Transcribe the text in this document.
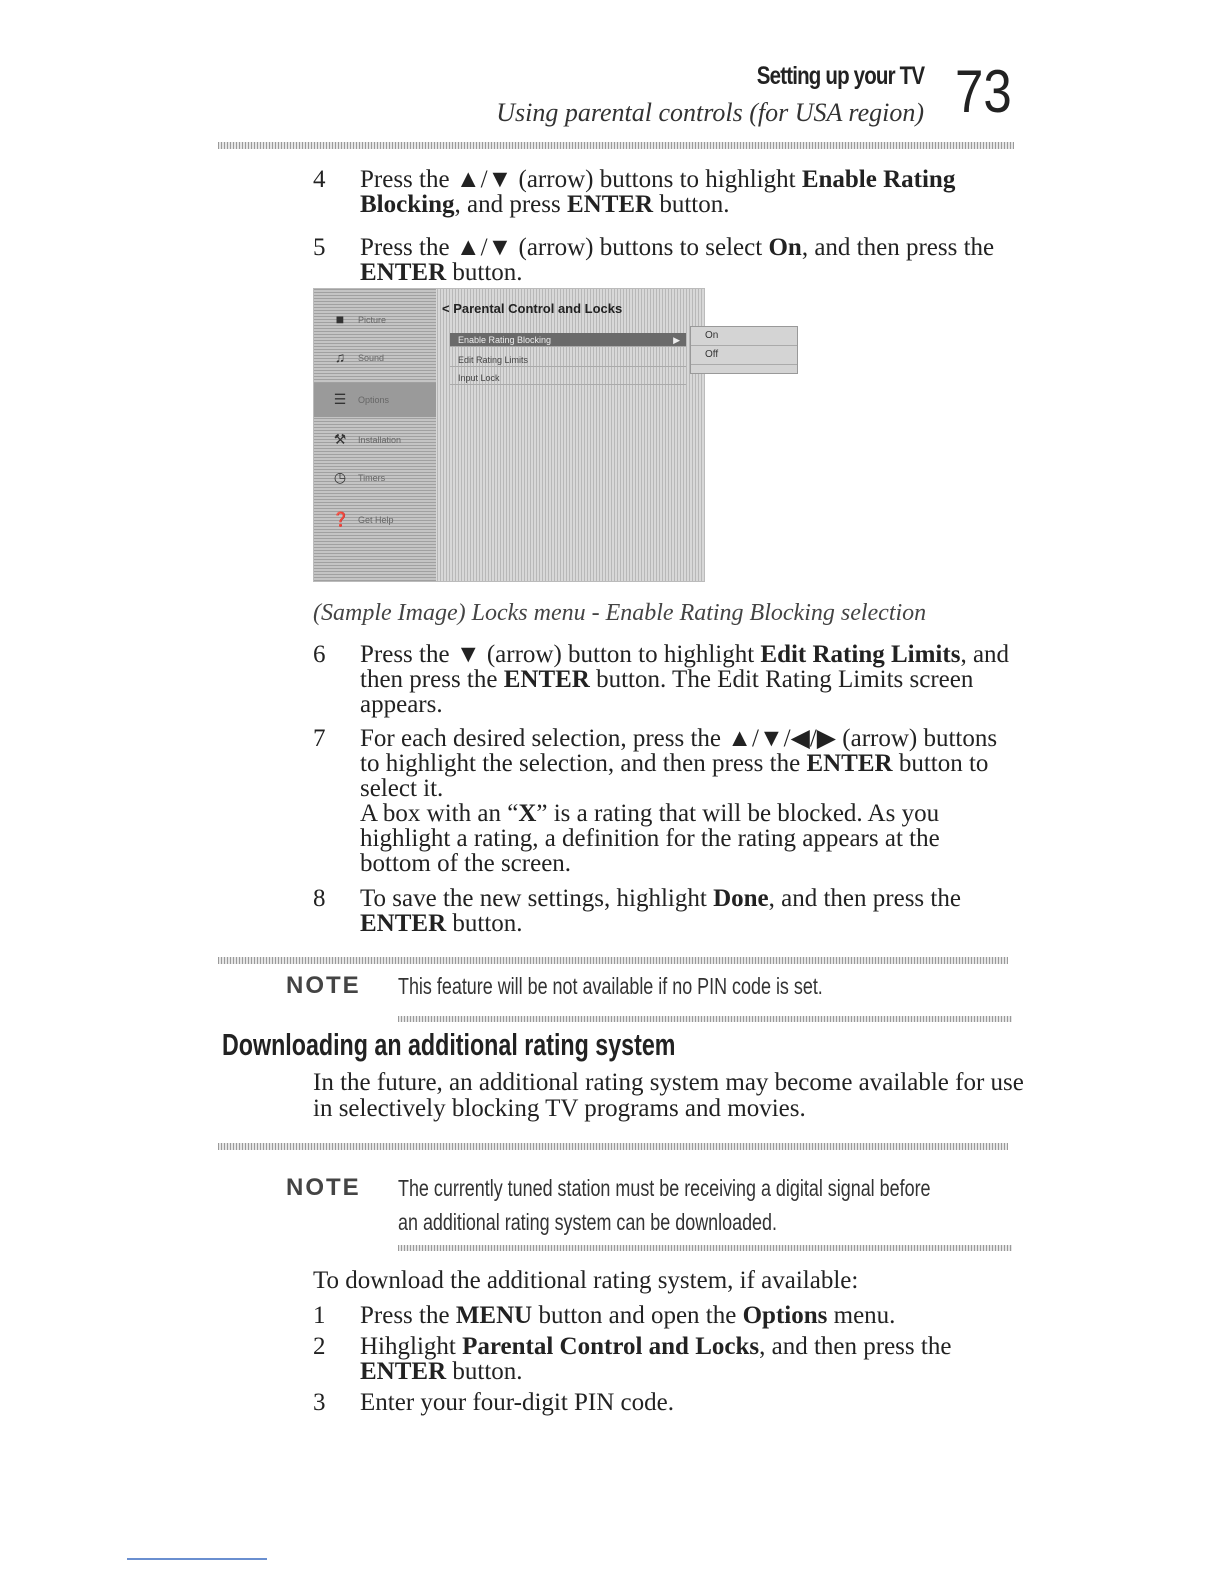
Setting up your TV
Using parental controls (for USA region) 73
4 Press the ▲/▼ (arrow) buttons to highlight Enable Rating Blocking, and press ENTER button.
5 Press the ▲/▼ (arrow) buttons to select On, and then press the ENTER button.
■	Picture
♫	Sound
☰ Options
⚒ Installation
◷ Timers
❓ Get Help
< Parental Control and Locks
Enable Rating Blocking	▶
Edit Rating Limits
Input Lock
On
Off
(Sample Image) Locks menu - Enable Rating Blocking selection
6 Press the ▼ (arrow) button to highlight Edit Rating Limits, and then press the ENTER button. The Edit Rating Limits screen appears.
7 For each desired selection, press the ▲/▼/◀/▶ (arrow) buttons to highlight the selection, and then press the ENTER button to select it.
A box with an “X” is a rating that will be blocked. As you highlight a rating, a definition for the rating appears at the bottom of the screen.
8 To save the new settings, highlight Done, and then press the ENTER button.
NOTE This feature will be not available if no PIN code is set.
Downloading an additional rating system
In the future, an additional rating system may become available for use in selectively blocking TV programs and movies.
NOTE The currently tuned station must be receiving a digital signal before
an additional rating system can be downloaded.
To download the additional rating system, if available:
1 Press the MENU button and open the Options menu.
2 Hihglight Parental Control and Locks, and then press the ENTER button.
3 Enter your four-digit PIN code.
